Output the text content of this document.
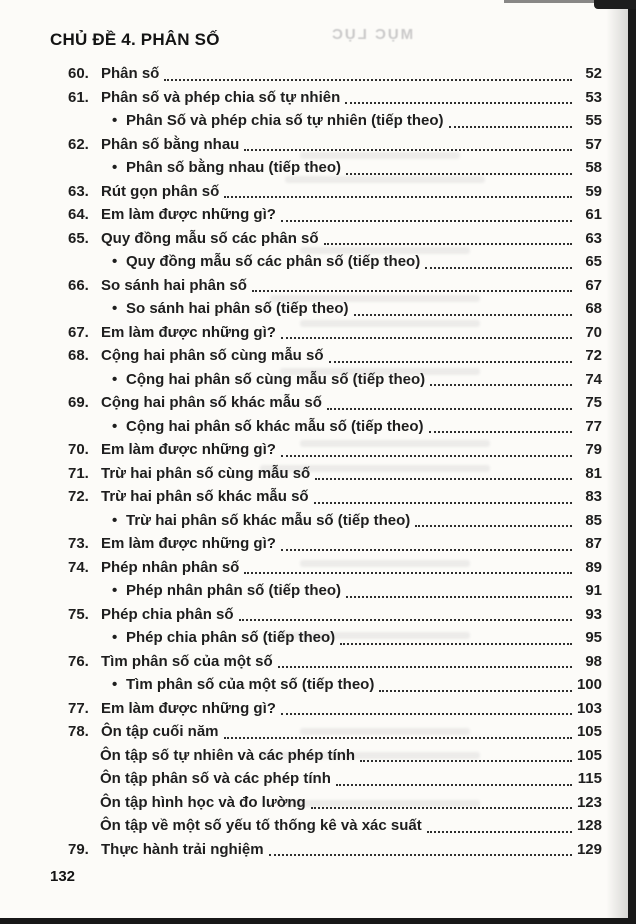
MỤC LỤC
CHỦ ĐỀ 4. PHÂN SỐ
60. Phân số	52
61. Phân số và phép chia số tự nhiên	53
• Phân Số và phép chia số tự nhiên (tiếp theo)	55
62. Phân số bằng nhau	57
• Phân số bằng nhau (tiếp theo)	58
63. Rút gọn phân số	59
64. Em làm được những gì?	61
65. Quy đồng mẫu số các phân số	63
• Quy đồng mẫu số các phân số (tiếp theo)	65
66. So sánh hai phân số	67
• So sánh hai phân số (tiếp theo)	68
67. Em làm được những gì?	70
68. Cộng hai phân số cùng mẫu số	72
• Cộng hai phân số cùng mẫu số (tiếp theo)	74
69. Cộng hai phân số khác mẫu số	75
• Cộng hai phân số khác mẫu số (tiếp theo)	77
70. Em làm được những gì?	79
71. Trừ hai phân số cùng mẫu số	81
72. Trừ hai phân số khác mẫu số	83
• Trừ hai phân số khác mẫu số (tiếp theo)	85
73. Em làm được những gì?	87
74. Phép nhân phân số	89
• Phép nhân phân số (tiếp theo)	91
75. Phép chia phân số	93
• Phép chia phân số (tiếp theo)	95
76. Tìm phân số của một số	98
• Tìm phân số của một số (tiếp theo)	100
77. Em làm được những gì?	103
78. Ôn tập cuối năm	105
Ôn tập số tự nhiên và các phép tính	105
Ôn tập phân số và các phép tính	115
Ôn tập hình học và đo lường	123
Ôn tập về một số yếu tố thống kê và xác suất	128
79. Thực hành trải nghiệm	129
132
